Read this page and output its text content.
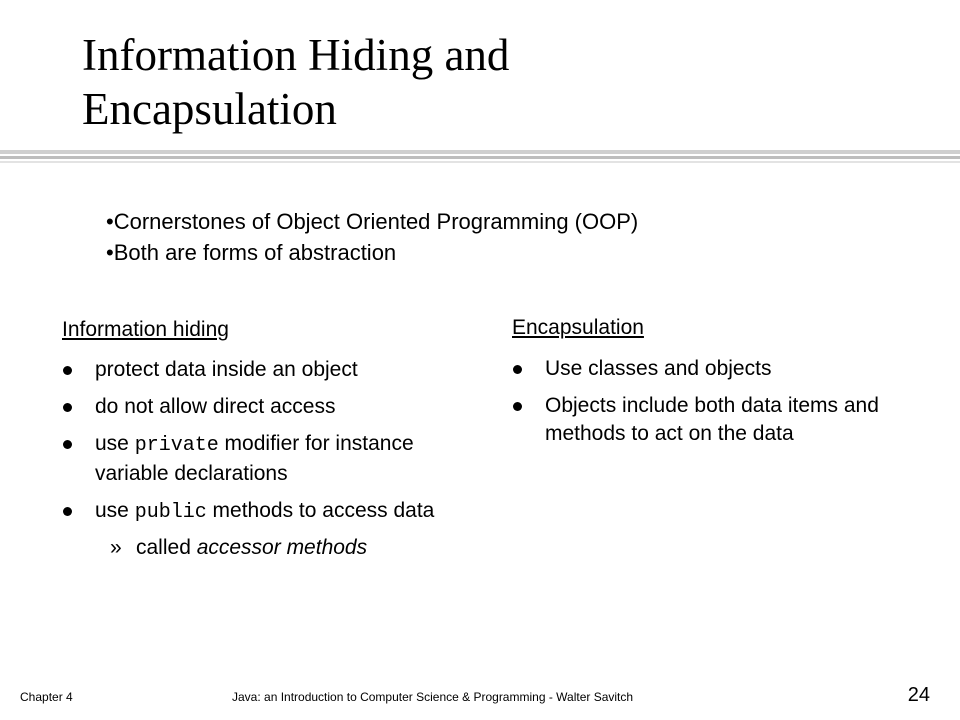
Information Hiding and
Encapsulation
•Cornerstones of Object Oriented Programming (OOP)
•Both are forms of abstraction
Information hiding
protect data inside an object
do not allow direct access
use private modifier for instance variable declarations
use public methods to access data
» called accessor methods
Encapsulation
Use classes and objects
Objects include both data items and methods to act on the data
Chapter 4	Java: an Introduction to Computer Science & Programming - Walter Savitch	24
